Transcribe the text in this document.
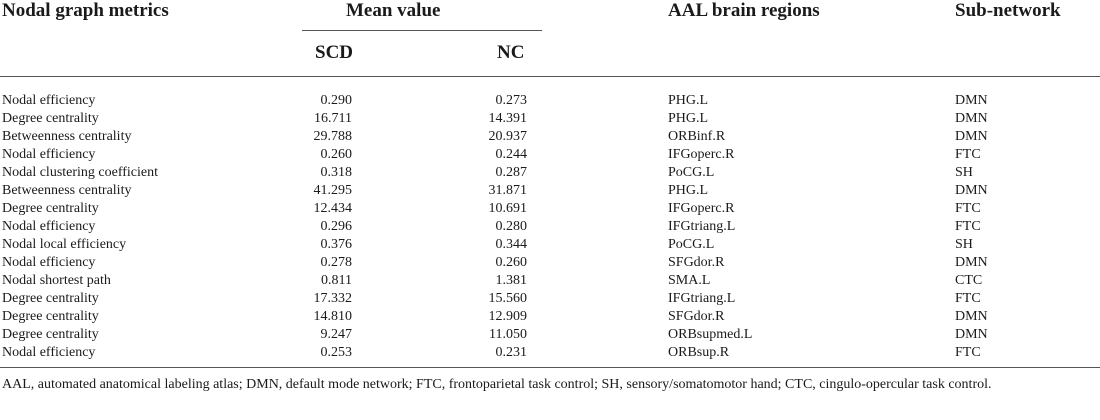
Nodal graph metrics	Mean value	AAL brain regions	Sub-network
SCD	NC
Nodal efficiency	0.290	0.273	PHG.L	DMN
Degree centrality	16.711	14.391	PHG.L	DMN
Betweenness centrality	29.788	20.937	ORBinf.R	DMN
Nodal efficiency	0.260	0.244	IFGoperc.R	FTC
Nodal clustering coefficient	0.318	0.287	PoCG.L	SH
Betweenness centrality	41.295	31.871	PHG.L	DMN
Degree centrality	12.434	10.691	IFGoperc.R	FTC
Nodal efficiency	0.296	0.280	IFGtriang.L	FTC
Nodal local efficiency	0.376	0.344	PoCG.L	SH
Nodal efficiency	0.278	0.260	SFGdor.R	DMN
Nodal shortest path	0.811	1.381	SMA.L	CTC
Degree centrality	17.332	15.560	IFGtriang.L	FTC
Degree centrality	14.810	12.909	SFGdor.R	DMN
Degree centrality	9.247	11.050	ORBsupmed.L	DMN
Nodal efficiency	0.253	0.231	ORBsup.R	FTC
AAL, automated anatomical labeling atlas; DMN, default mode network; FTC, frontoparietal task control; SH, sensory/somatomotor hand; CTC, cingulo-opercular task control.
